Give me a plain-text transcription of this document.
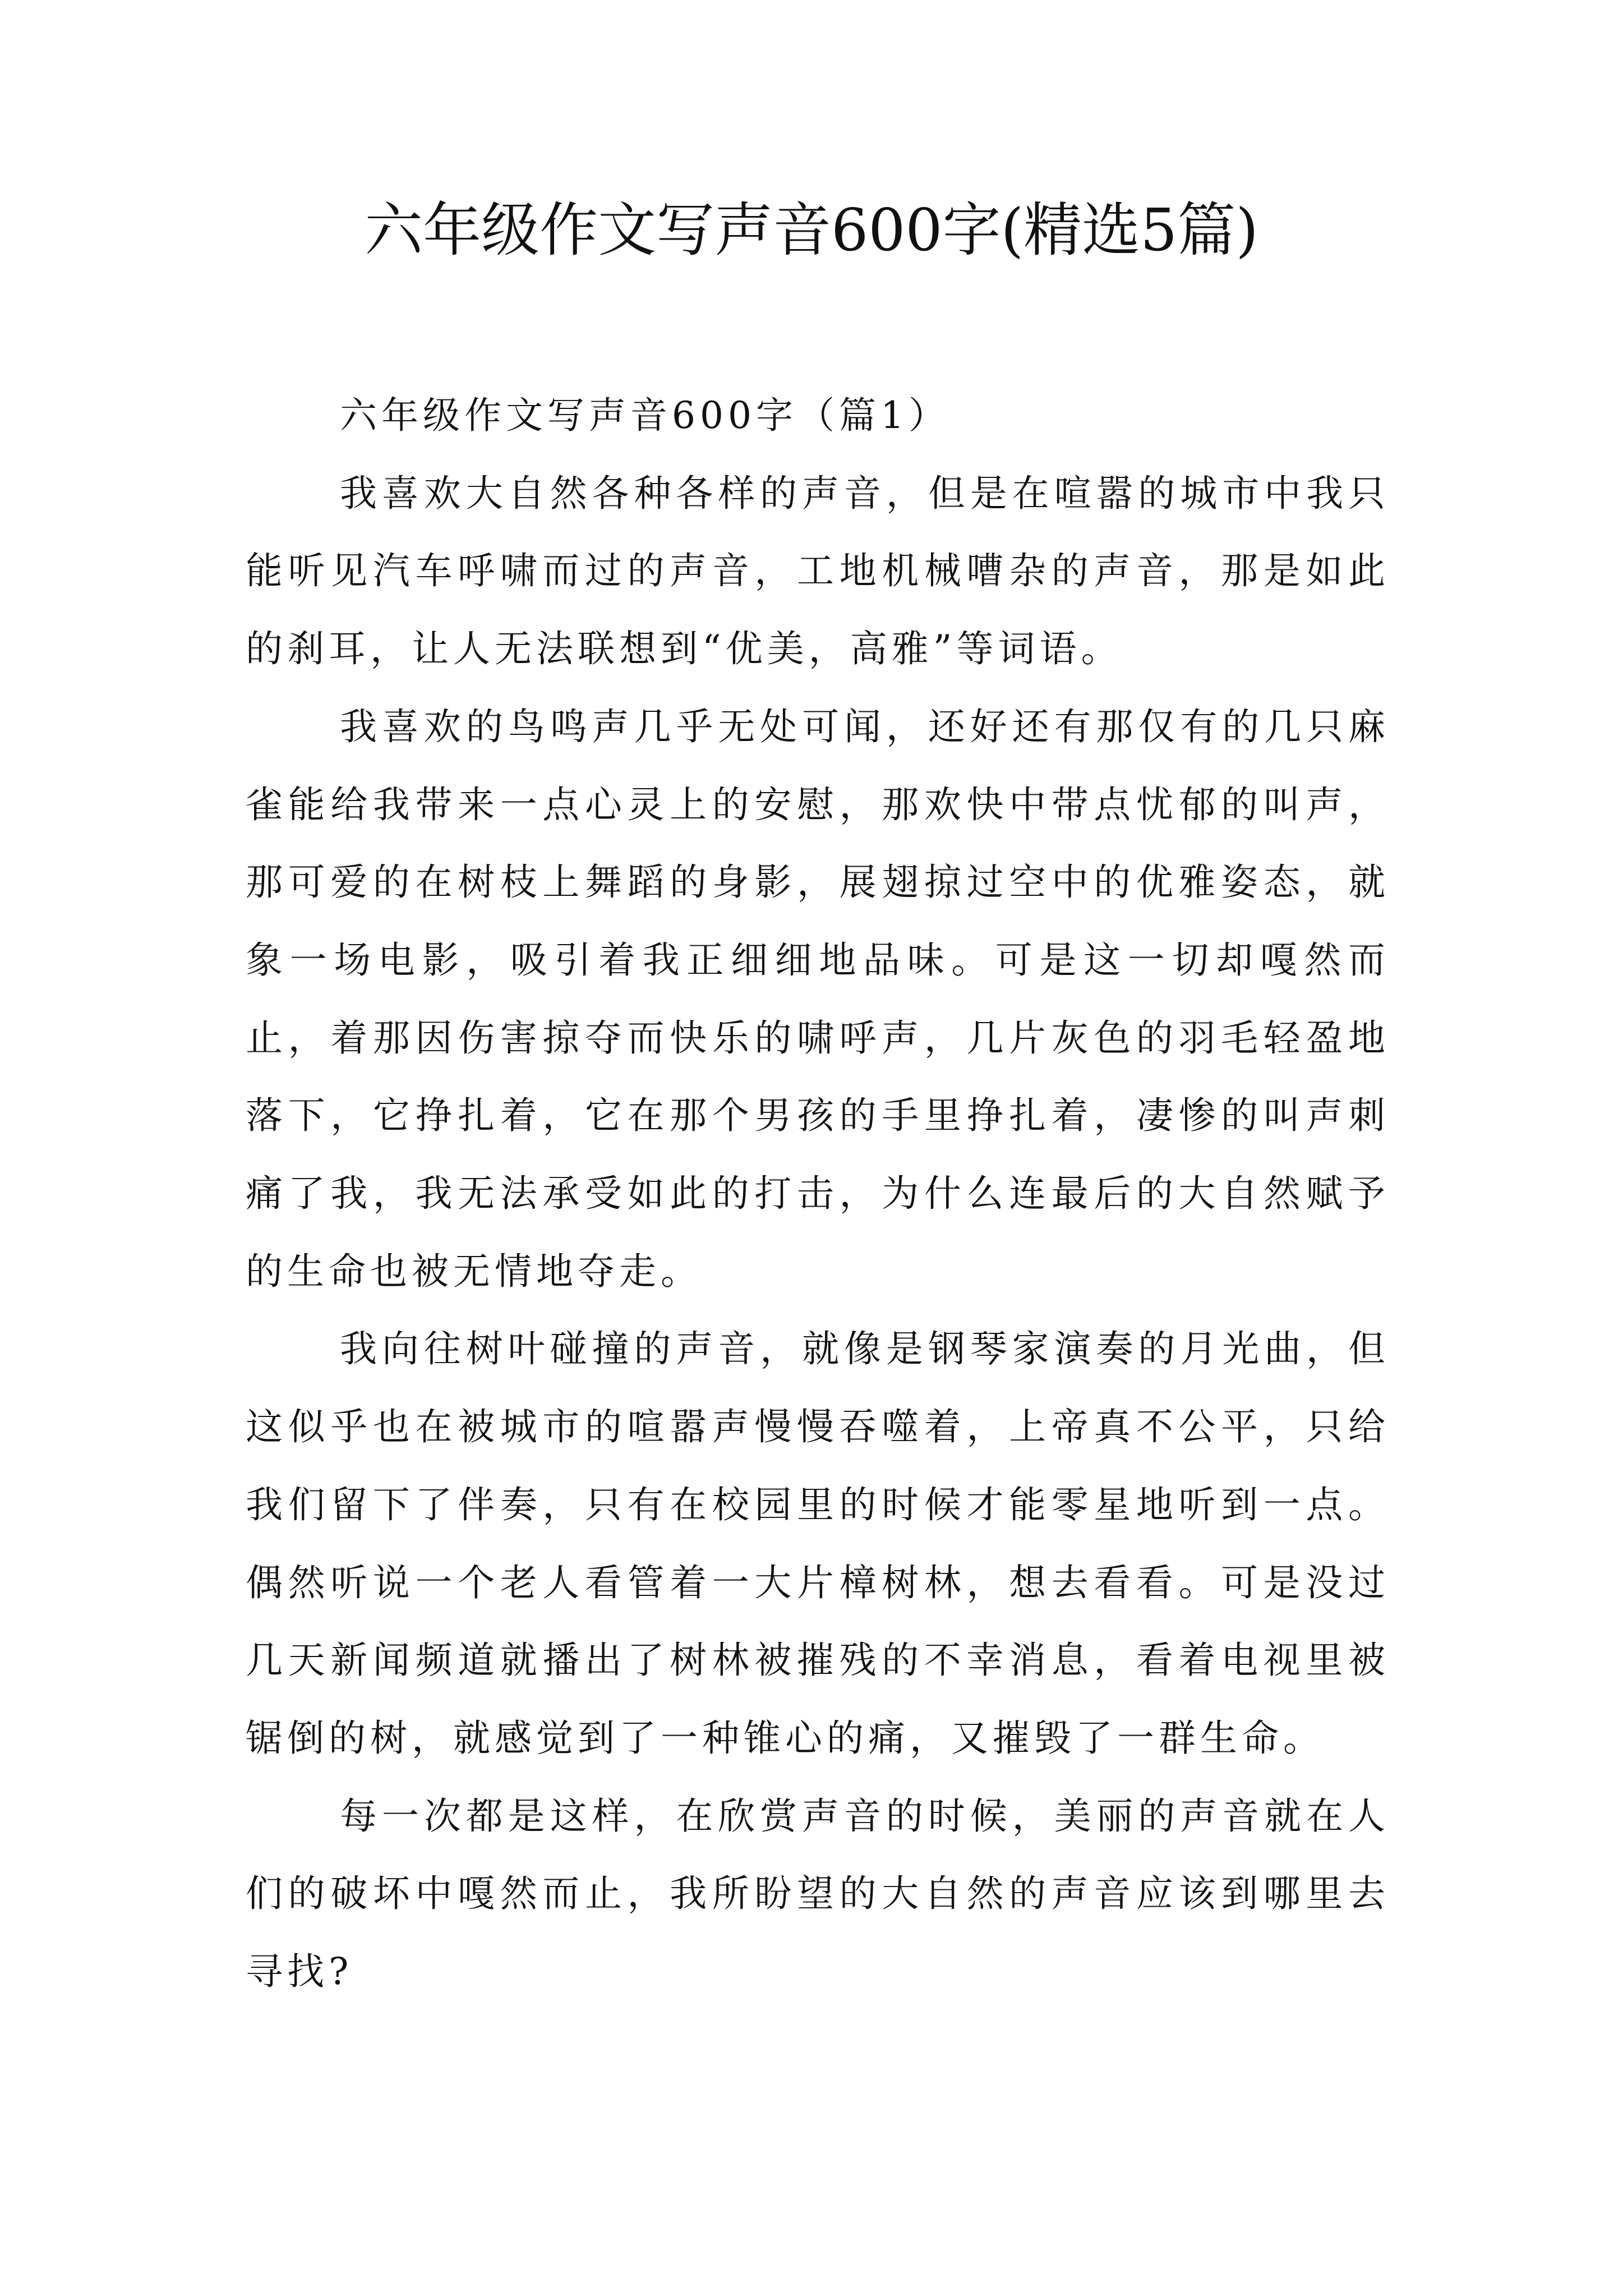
六年级作文写声音600字(精选5篇)

六年级作文写声音600字（篇1）

我喜欢大自然各种各样的声音，但是在喧嚣的城市中我只能听见汽车呼啸而过的声音，工地机械嘈杂的声音，那是如此的刹耳，让人无法联想到“优美，高雅”等词语。

我喜欢的鸟鸣声几乎无处可闻，还好还有那仅有的几只麻雀能给我带来一点心灵上的安慰，那欢快中带点忧郁的叫声，那可爱的在树枝上舞蹈的身影，展翅掠过空中的优雅姿态，就象一场电影，吸引着我正细细地品味。可是这一切却嘎然而止，着那因伤害掠夺而快乐的啸呼声，几片灰色的羽毛轻盈地落下，它挣扎着，它在那个男孩的手里挣扎着，凄惨的叫声刺痛了我，我无法承受如此的打击，为什么连最后的大自然赋予的生命也被无情地夺走。

我向往树叶碰撞的声音，就像是钢琴家演奏的月光曲，但这似乎也在被城市的喧嚣声慢慢吞噬着，上帝真不公平，只给我们留下了伴奏，只有在校园里的时候才能零星地听到一点。偶然听说一个老人看管着一大片樟树林，想去看看。可是没过几天新闻频道就播出了树林被摧残的不幸消息，看着电视里被锯倒的树，就感觉到了一种锥心的痛，又摧毁了一群生命。

每一次都是这样，在欣赏声音的时候，美丽的声音就在人们的破坏中嘎然而止，我所盼望的大自然的声音应该到哪里去寻找?
